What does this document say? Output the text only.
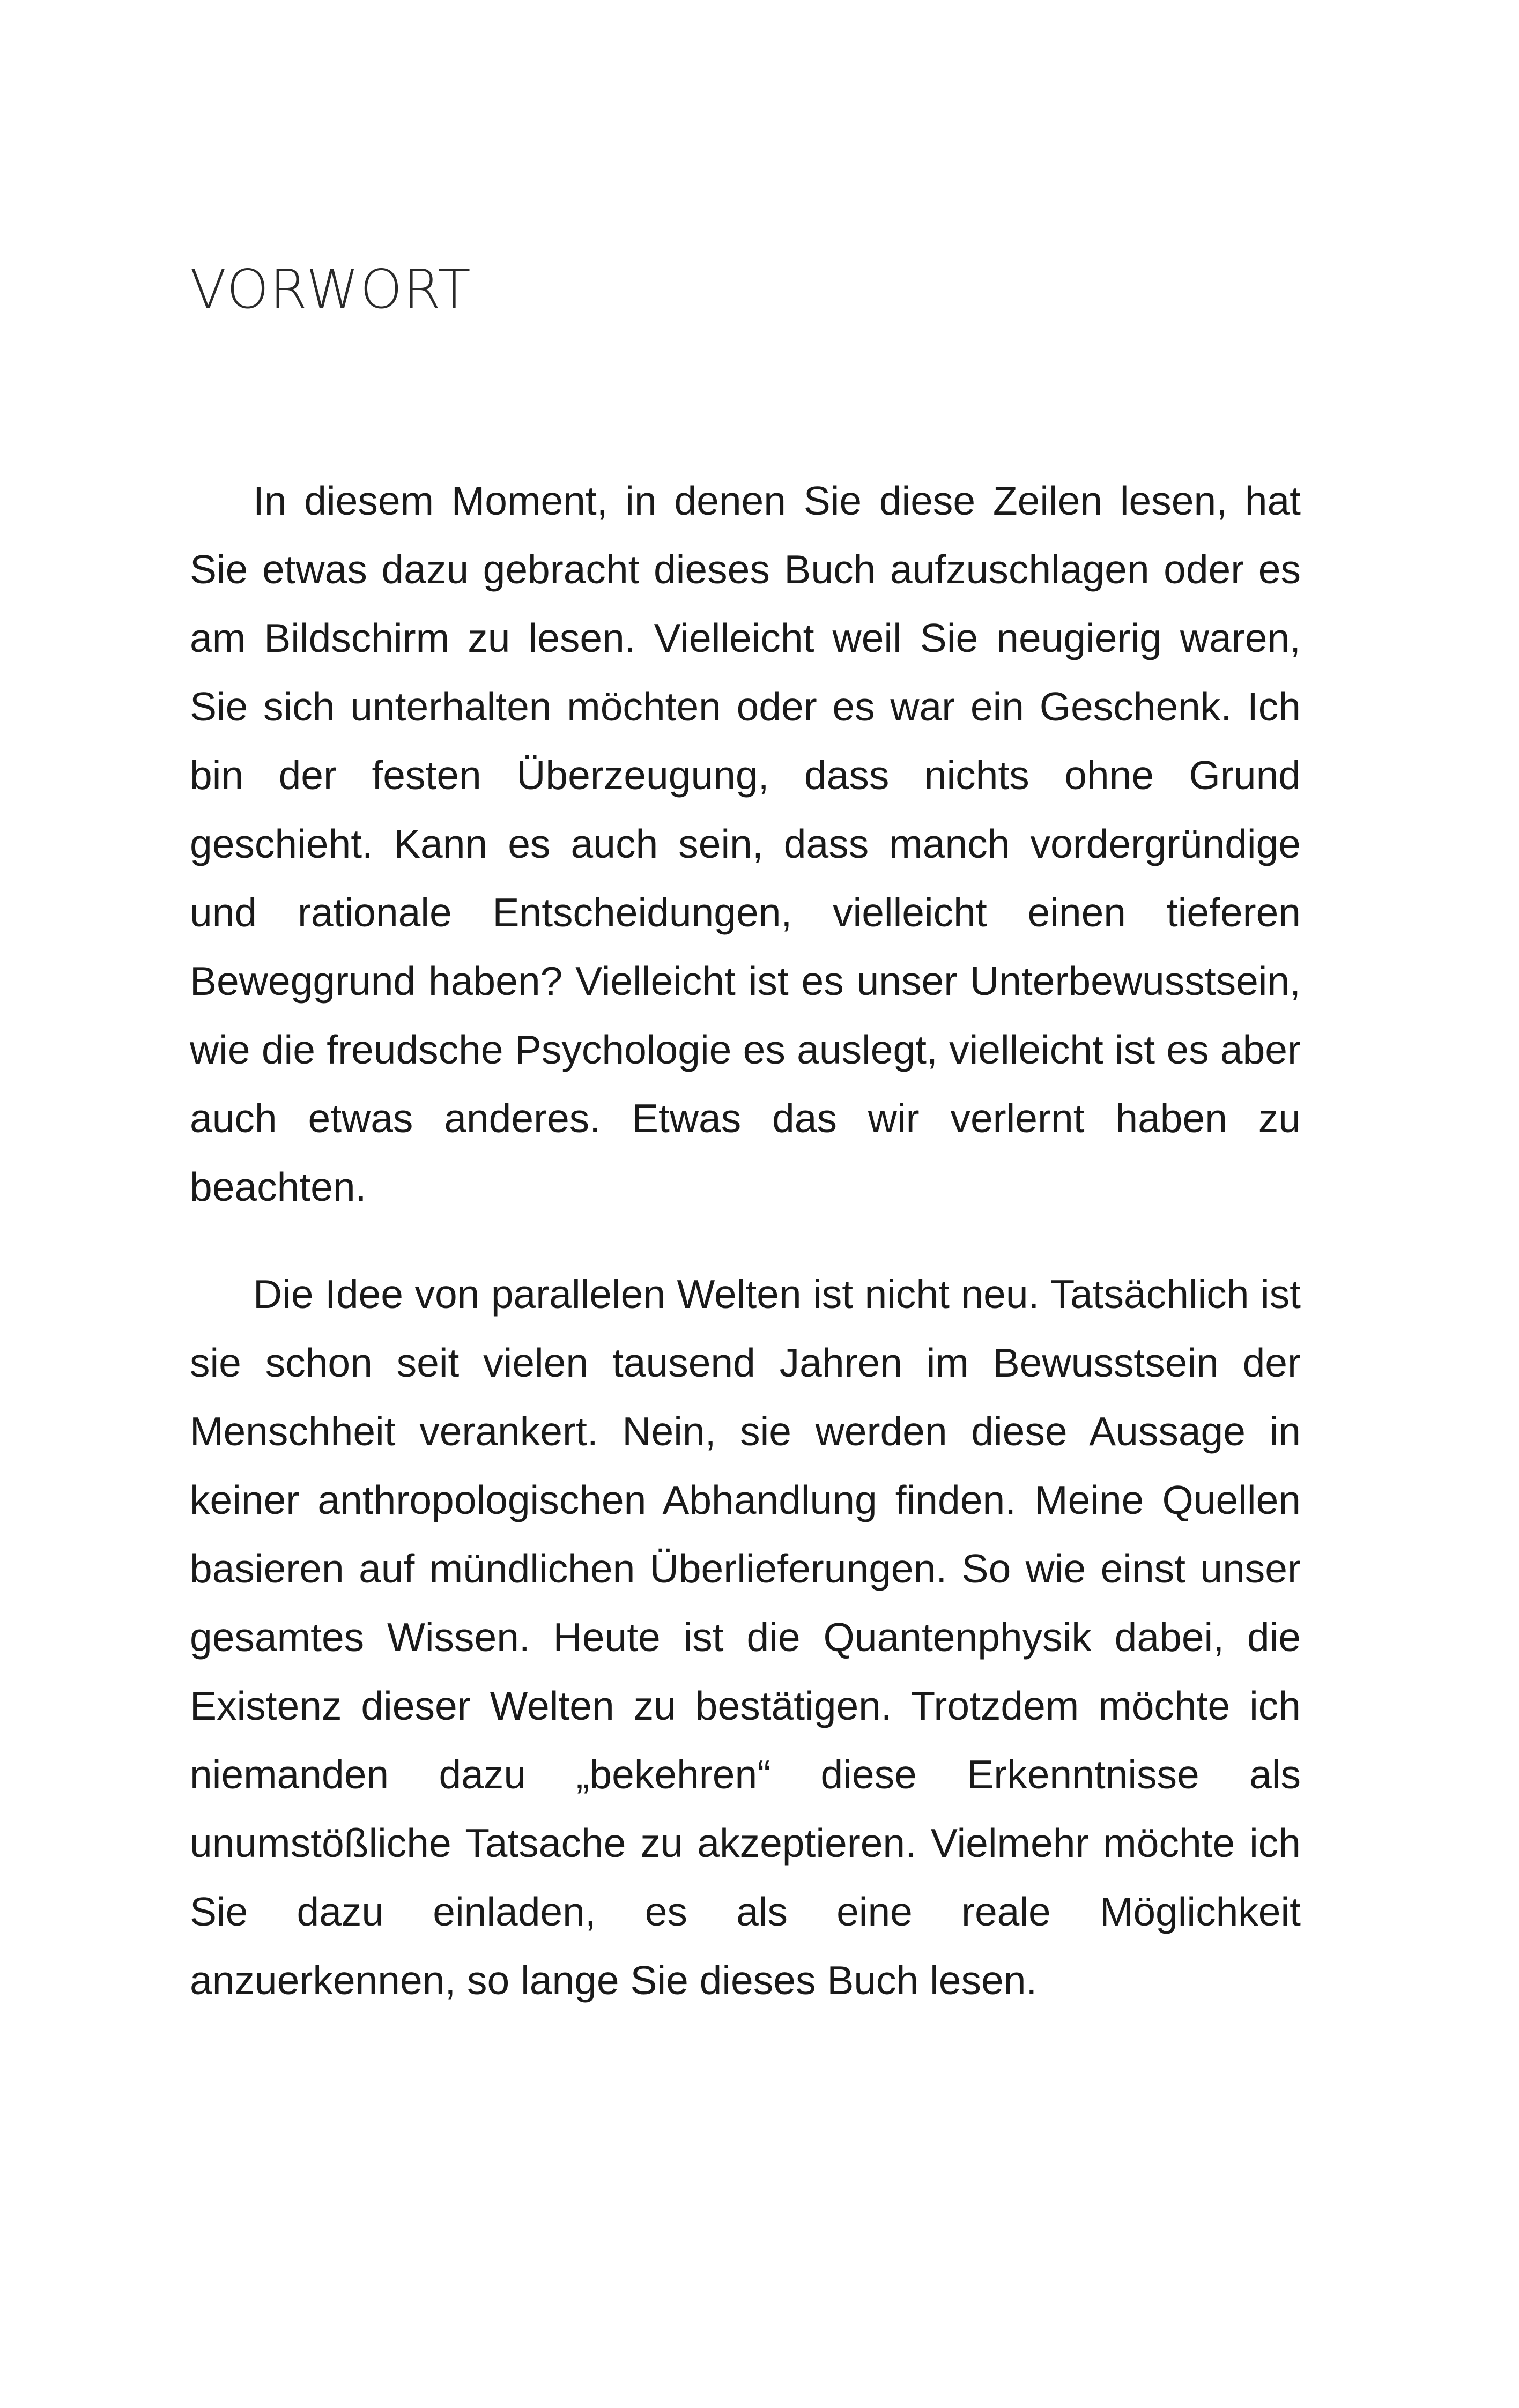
VORWORT

In diesem Moment, in denen Sie diese Zeilen lesen, hat Sie etwas dazu gebracht dieses Buch aufzuschlagen oder es am Bildschirm zu lesen. Vielleicht weil Sie neugierig waren, Sie sich unterhalten möchten oder es war ein Geschenk. Ich bin der festen Überzeugung, dass nichts ohne Grund geschieht. Kann es auch sein, dass manch vordergründige und rationale Entscheidungen, vielleicht einen tieferen Beweggrund haben? Vielleicht ist es unser Unterbewusstsein, wie die freudsche Psychologie es auslegt, vielleicht ist es aber auch etwas anderes. Etwas das wir verlernt haben zu beachten.

Die Idee von parallelen Welten ist nicht neu. Tatsächlich ist sie schon seit vielen tausend Jahren im Bewusstsein der Menschheit verankert. Nein, sie werden diese Aussage in keiner anthropologischen Abhandlung finden. Meine Quellen basieren auf mündlichen Überlieferungen. So wie einst unser gesamtes Wissen. Heute ist die Quantenphysik dabei, die Existenz dieser Welten zu bestätigen. Trotzdem möchte ich niemanden dazu „bekehren“ diese Erkenntnisse als unumstößliche Tatsache zu akzeptieren. Vielmehr möchte ich Sie dazu einladen, es als eine reale Möglichkeit anzuerkennen, so lange Sie dieses Buch lesen.
